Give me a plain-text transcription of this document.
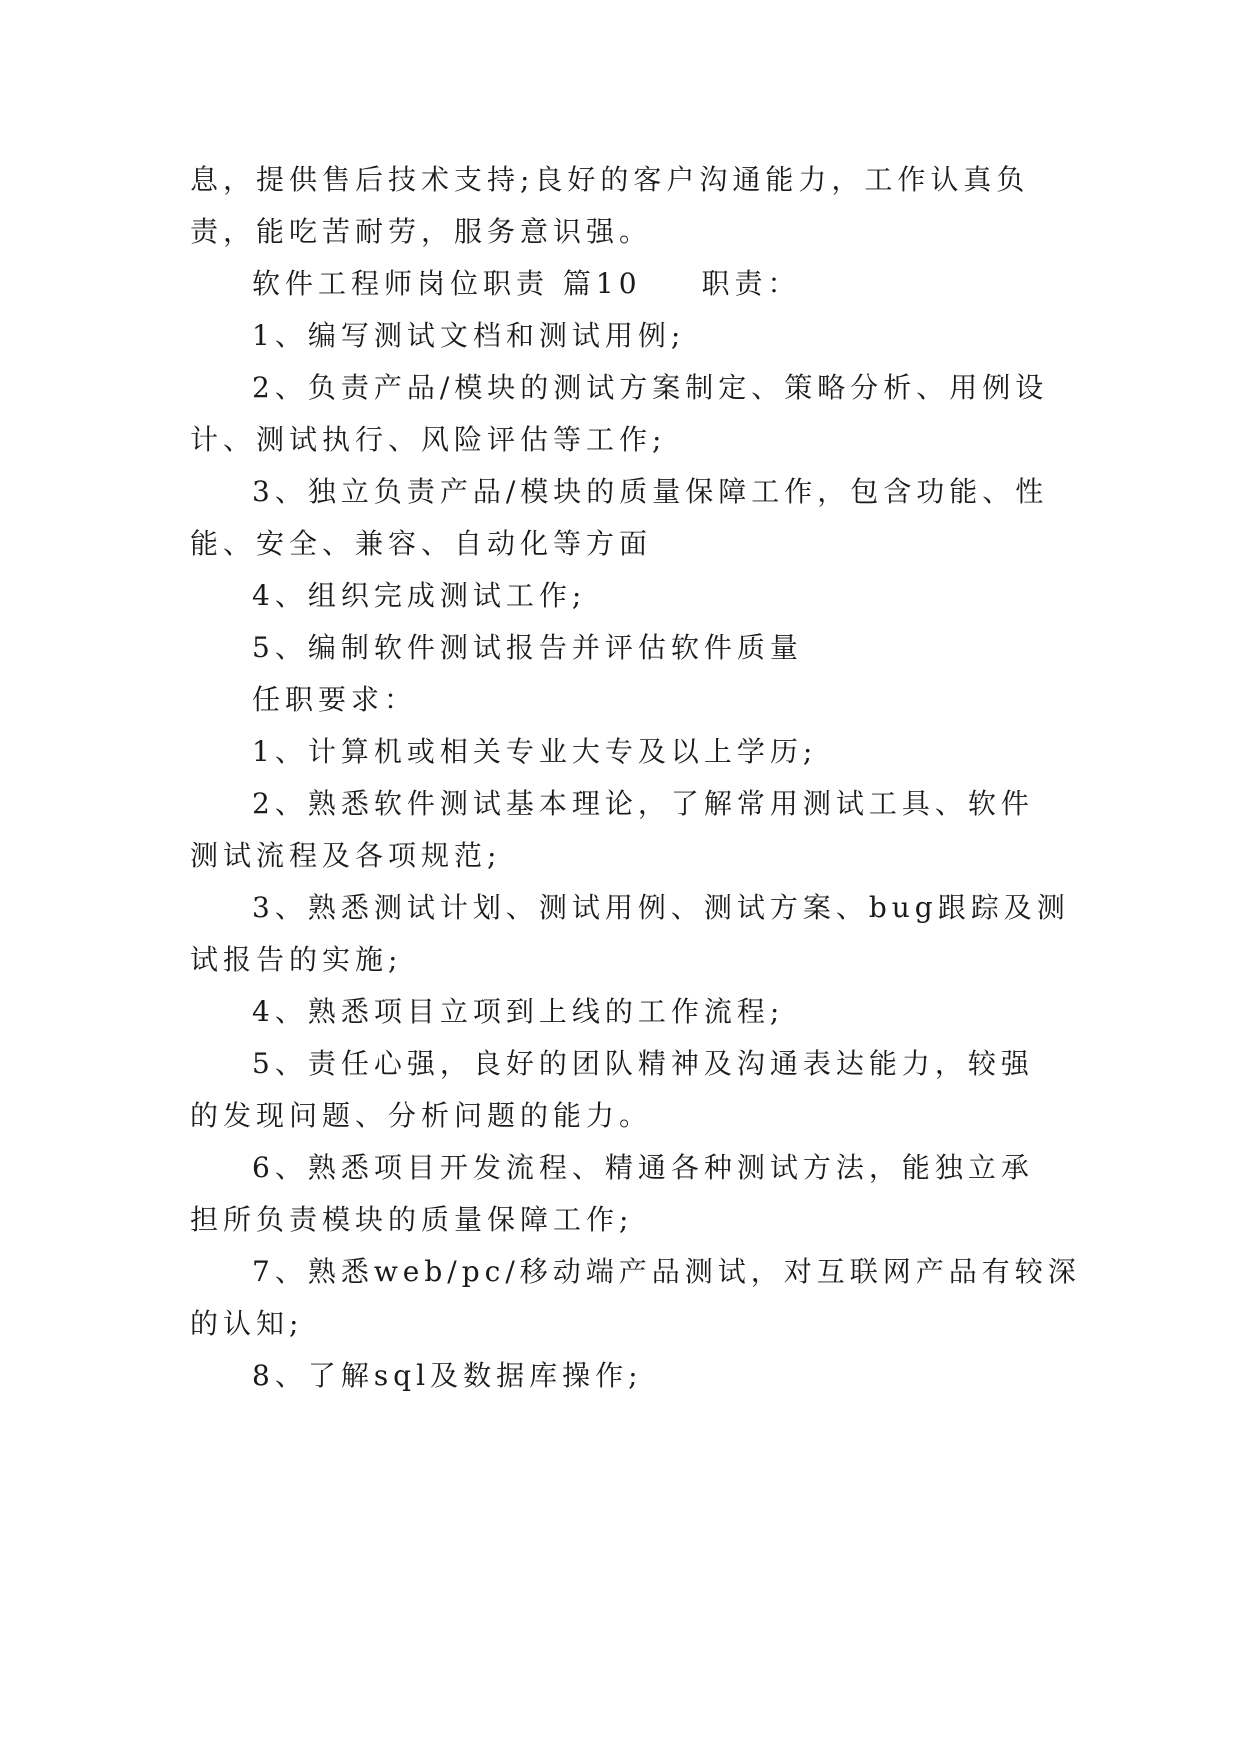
息，提供售后技术支持;良好的客户沟通能力，工作认真负
责，能吃苦耐劳，服务意识强。
软件工程师岗位职责 篇10 职责：
1、编写测试文档和测试用例;
2、负责产品/模块的测试方案制定、策略分析、用例设
计、测试执行、风险评估等工作;
3、独立负责产品/模块的质量保障工作，包含功能、性
能、安全、兼容、自动化等方面
4、组织完成测试工作;
5、编制软件测试报告并评估软件质量
任职要求：
1、计算机或相关专业大专及以上学历;
2、熟悉软件测试基本理论，了解常用测试工具、软件
测试流程及各项规范;
3、熟悉测试计划、测试用例、测试方案、bug跟踪及测
试报告的实施;
4、熟悉项目立项到上线的工作流程;
5、责任心强，良好的团队精神及沟通表达能力，较强
的发现问题、分析问题的能力。
6、熟悉项目开发流程、精通各种测试方法，能独立承
担所负责模块的质量保障工作;
7、熟悉web/pc/移动端产品测试，对互联网产品有较深
的认知;
8、了解sql及数据库操作;
